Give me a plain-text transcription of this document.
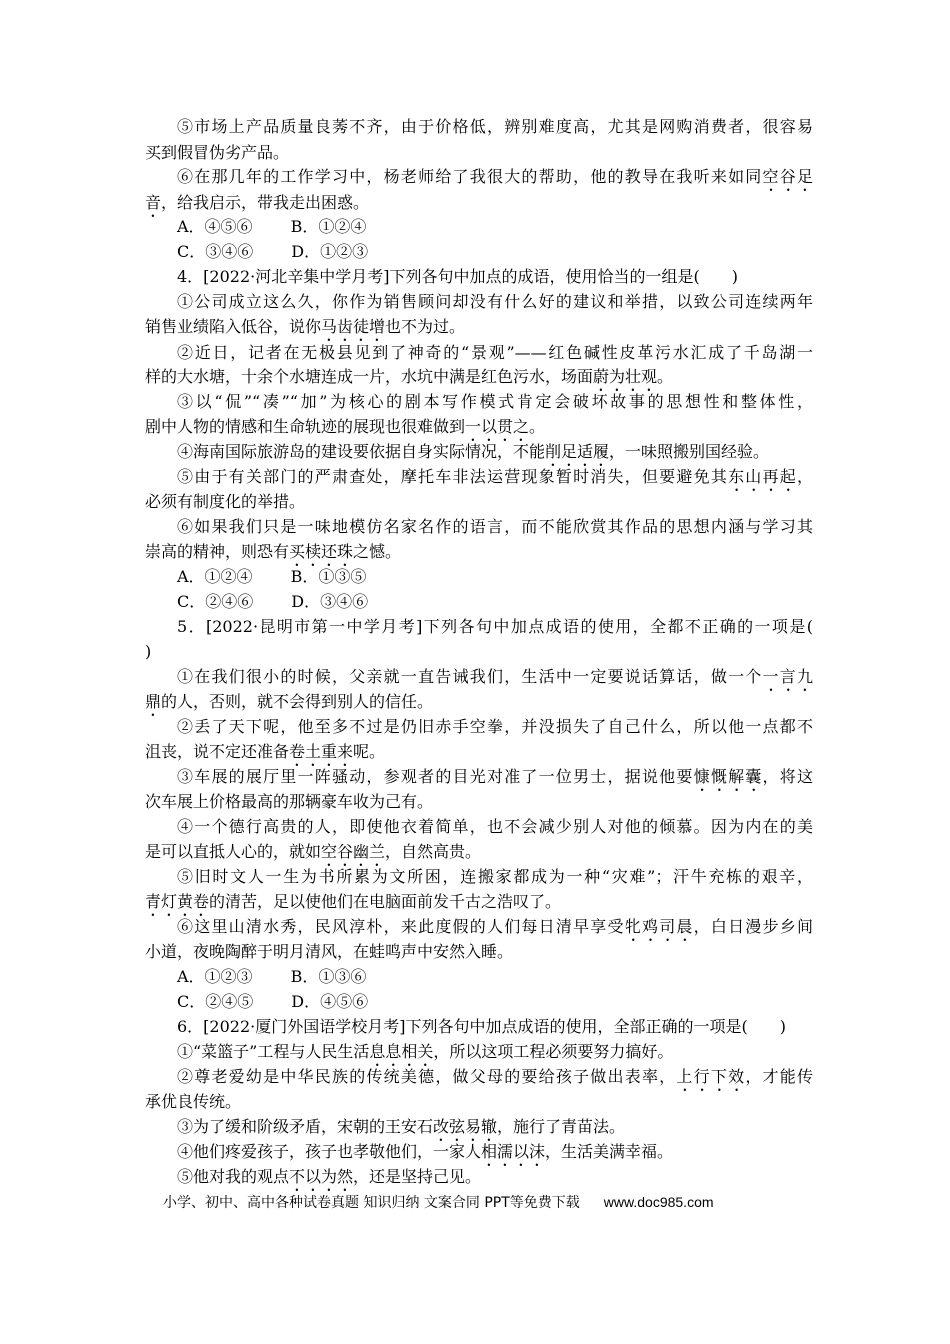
⑤市场上产品质量良莠不齐，由于价格低，辨别难度高，尤其是网购消费者，很容易
买到假冒伪劣产品。
⑥在那几年的工作学习中，杨老师给了我很大的帮助，他的教导在我听来如同空谷足
音，给我启示，带我走出困惑。
A．④⑤⑥ B．①②④
C．③④⑥ D．①②③
4．[2022·河北辛集中学月考]下列各句中加点的成语，使用恰当的一组是(　　)
①公司成立这么久，你作为销售顾问却没有什么好的建议和举措，以致公司连续两年
销售业绩陷入低谷，说你马齿徒增也不为过。
②近日，记者在无极县见到了神奇的“景观”——红色碱性皮革污水汇成了千岛湖一
样的大水塘，十余个水塘连成一片，水坑中满是红色污水，场面蔚为壮观。
③以“侃”“凑”“加”为核心的剧本写作模式肯定会破坏故事的思想性和整体性，
剧中人物的情感和生命轨迹的展现也很难做到一以贯之。
④海南国际旅游岛的建设要依据自身实际情况，不能削足适履，一味照搬别国经验。
⑤由于有关部门的严肃查处，摩托车非法运营现象暂时消失，但要避免其东山再起，
必须有制度化的举措。
⑥如果我们只是一味地模仿名家名作的语言，而不能欣赏其作品的思想内涵与学习其
崇高的精神，则恐有买椟还珠之憾。
A．①②④ B．①③⑤
C．②④⑥ D．③④⑥
5．[2022·昆明市第一中学月考]下列各句中加点成语的使用，全都不正确的一项是(
)
①在我们很小的时候，父亲就一直告诫我们，生活中一定要说话算话，做一个一言九
鼎的人，否则，就不会得到别人的信任。
②丢了天下呢，他至多不过是仍旧赤手空拳，并没损失了自己什么，所以他一点都不
沮丧，说不定还准备卷土重来呢。
③车展的展厅里一阵骚动，参观者的目光对准了一位男士，据说他要慷慨解囊，将这
次车展上价格最高的那辆豪车收为己有。
④一个德行高贵的人，即使他衣着简单，也不会减少别人对他的倾慕。因为内在的美
是可以直抵人心的，就如空谷幽兰，自然高贵。
⑤旧时文人一生为书所累为文所困，连搬家都成为一种“灾难”；汗牛充栋的艰辛，
青灯黄卷的清苦，足以使他们在电脑面前发千古之浩叹了。
⑥这里山清水秀，民风淳朴，来此度假的人们每日清早享受牝鸡司晨，白日漫步乡间
小道，夜晚陶醉于明月清风，在蛙鸣声中安然入睡。
A．①②③ B．①③⑥
C．②④⑤ D．④⑤⑥
6．[2022·厦门外国语学校月考]下列各句中加点成语的使用，全部正确的一项是(　　)
①“菜篮子”工程与人民生活息息相关，所以这项工程必须要努力搞好。
②尊老爱幼是中华民族的传统美德，做父母的要给孩子做出表率，上行下效，才能传
承优良传统。
③为了缓和阶级矛盾，宋朝的王安石改弦易辙，施行了青苗法。
④他们疼爱孩子，孩子也孝敬他们，一家人相濡以沫，生活美满幸福。
⑤他对我的观点不以为然，还是坚持己见。
小学、初中、高中各种试卷真题 知识归纳 文案合同 PPT等免费下载 www.doc985.com
